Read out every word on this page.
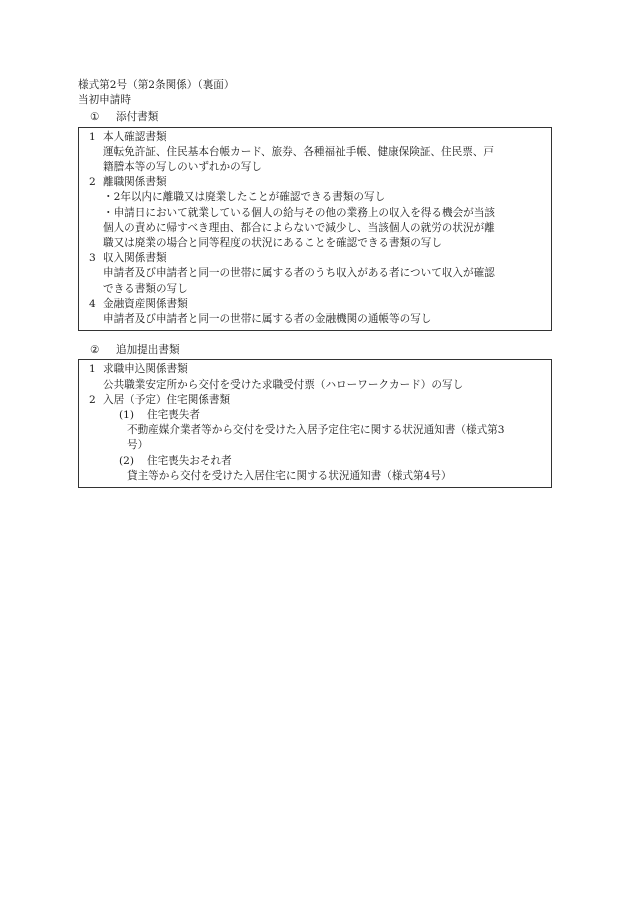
様式第2号（第2条関係）（裏面）
当初申請時
① 添付書類
1 本人確認書類
運転免許証、住民基本台帳カード、旅券、各種福祉手帳、健康保険証、住民票、戸
籍謄本等の写しのいずれかの写し
2 離職関係書類
・2年以内に離職又は廃業したことが確認できる書類の写し
・申請日において就業している個人の給与その他の業務上の収入を得る機会が当該
個人の責めに帰すべき理由、都合によらないで減少し、当該個人の就労の状況が離
職又は廃業の場合と同等程度の状況にあることを確認できる書類の写し
3 収入関係書類
申請者及び申請者と同一の世帯に属する者のうち収入がある者について収入が確認
できる書類の写し
4 金融資産関係書類
申請者及び申請者と同一の世帯に属する者の金融機関の通帳等の写し
② 追加提出書類
1 求職申込関係書類
公共職業安定所から交付を受けた求職受付票（ハローワークカード）の写し
2 入居（予定）住宅関係書類
(1) 住宅喪失者
不動産媒介業者等から交付を受けた入居予定住宅に関する状況通知書（様式第3
号）
(2) 住宅喪失おそれ者
貸主等から交付を受けた入居住宅に関する状況通知書（様式第4号）
